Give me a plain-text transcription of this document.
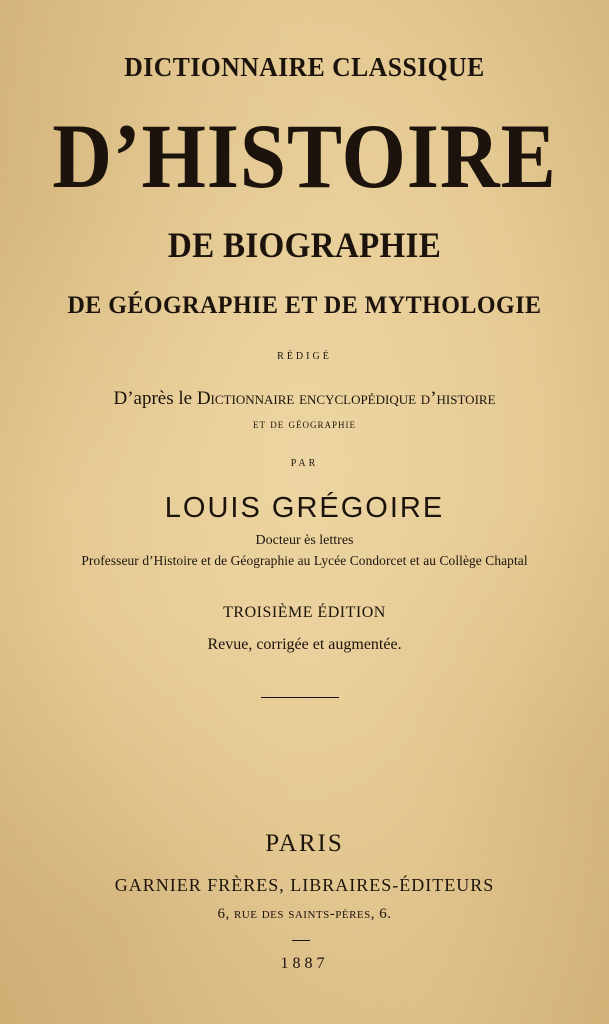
DICTIONNAIRE CLASSIQUE

D’HISTOIRE

DE BIOGRAPHIE

DE GÉOGRAPHIE ET DE MYTHOLOGIE

RÉDIGÉ

D’après le Dictionnaire encyclopédique d’histoire

et de géographie

PAR

LOUIS GRÉGOIRE

Docteur ès lettres

Professeur d’Histoire et de Géographie au Lycée Condorcet et au Collège Chaptal

TROISIÈME ÉDITION

Revue, corrigée et augmentée.

PARIS

GARNIER FRÈRES, LIBRAIRES-ÉDITEURS

6, rue des saints-pères, 6.

1887
